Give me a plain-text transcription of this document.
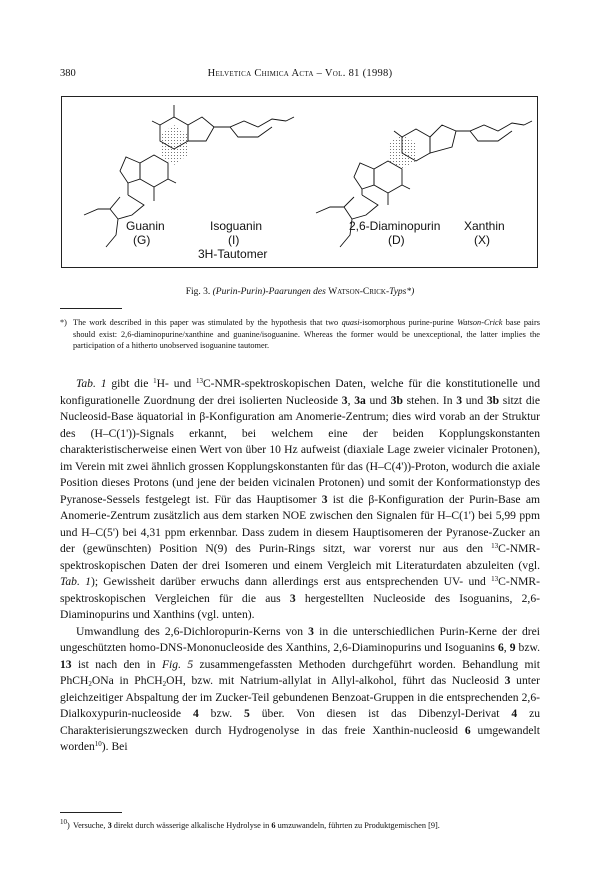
380	Helvetica Chimica Acta – Vol. 81 (1998)
Guanin
(G)
Isoguanin
(I)
3H-Tautomer
2,6-Diaminopurin
(D)
Xanthin
(X)
Fig. 3. (Purin-Purin)-Paarungen des Watson-Crick-Typs*)
*) The work described in this paper was stimulated by the hypothesis that two quasi-isomorphous purine-purine Watson-Crick base pairs should exist: 2,6-diaminopurine/xanthine and guanine/isoguanine. Whereas the former would be unexceptional, the latter implies the participation of a hitherto unobserved isoguanine tautomer.

Tab. 1 gibt die $^1$H- und $^{13}$C-NMR-spektroskopischen Daten, welche für die konstitutionelle und konfigurationelle Zuordnung der drei isolierten Nucleoside 3, 3a und 3b stehen. In 3 und 3b sitzt die Nucleosid-Base äquatorial in β-Konfiguration am Anomerie-Zentrum; dies wird vorab an der Struktur des (H–C(1'))-Signals erkannt, bei welchem eine der beiden Kopplungskonstanten charakteristischerweise einen Wert von über 10 Hz aufweist (diaxiale Lage zweier vicinaler Protonen), im Verein mit zwei ähnlich grossen Kopplungskonstanten für das (H–C(4'))-Proton, wodurch die axiale Position dieses Protons (und jene der beiden vicinalen Protonen) und somit der Konformationstyp des Pyranose-Sessels festgelegt ist. Für das Hauptisomer 3 ist die β-Konfiguration der Purin-Base am Anomerie-Zentrum zusätzlich aus dem starken NOE zwischen den Signalen für H–C(1') bei 5,99 ppm und H–C(5') bei 4,31 ppm erkennbar. Dass zudem in diesem Hauptisomeren der Pyranose-Zucker an der (gewünschten) Position N(9) des Purin-Rings sitzt, war vorerst nur aus den $^{13}$C-NMR-spektroskopischen Daten der drei Isomeren und einem Vergleich mit Literaturdaten abzuleiten (vgl. Tab. 1); Gewissheit darüber erwuchs dann allerdings erst aus entsprechenden UV- und $^{13}$C-NMR-spektroskopischen Vergleichen für die aus 3 hergestellten Nucleoside des Isoguanins, 2,6-Diaminopurins und Xanthins (vgl. unten).

Umwandlung des 2,6-Dichloropurin-Kerns von 3 in die unterschiedlichen Purin-Kerne der drei ungeschützten homo-DNS-Mononucleoside des Xanthins, 2,6-Diaminopurins und Isoguanins 6, 9 bzw. 13 ist nach den in Fig. 5 zusammengefassten Methoden durchgeführt worden. Behandlung mit PhCH$_2$ONa in PhCH$_2$OH, bzw. mit Natrium-allylat in Allyl-alkohol, führt das Nucleosid 3 unter gleichzeitiger Abspaltung der im Zucker-Teil gebundenen Benzoat-Gruppen in die entsprechenden 2,6-Dialkoxypurin-nucleoside 4 bzw. 5 über. Von diesen ist das Dibenzyl-Derivat 4 zu Charakterisierungszwecken durch Hydrogenolyse in das freie Xanthin-nucleosid 6 umgewandelt worden$^{10}$). Bei

$^{10}$) Versuche, 3 direkt durch wässerige alkalische Hydrolyse in 6 umzuwandeln, führten zu Produktgemischen [9].
